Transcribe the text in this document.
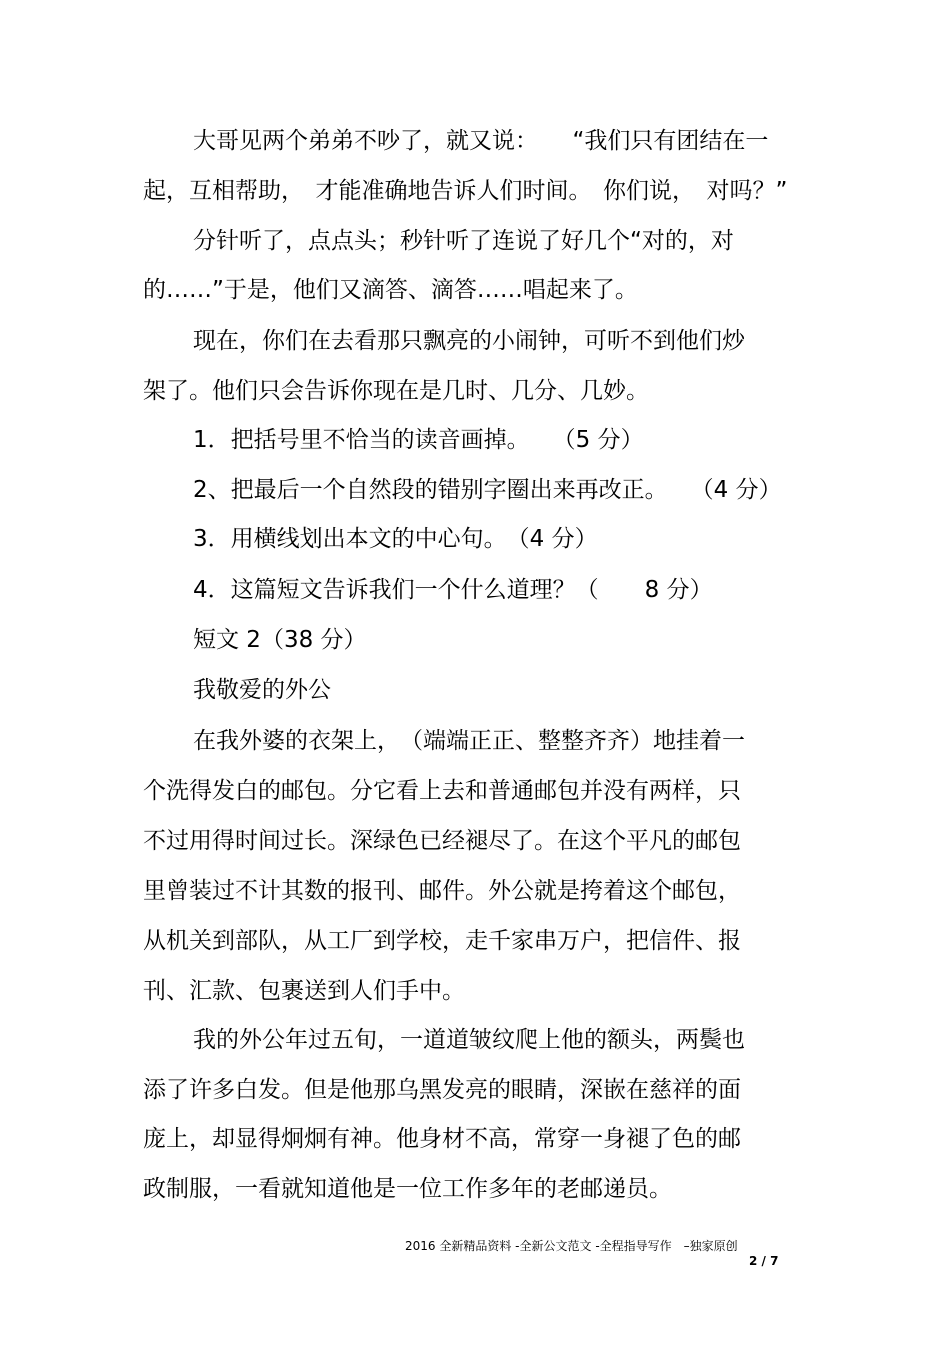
大哥见两个弟弟不吵了，就又说：　　“我们只有团结在一

起，互相帮助，　才能准确地告诉人们时间。　你们说，　对吗？”

分针听了，点点头；秒针听了连说了好几个“对的，对

的……”于是，他们又滴答、滴答……唱起来了。

现在，你们在去看那只飘亮的小闹钟，可听不到他们炒

架了。他们只会告诉你现在是几时、几分、几妙。

1．把括号里不恰当的读音画掉。　　（5 分）

2、把最后一个自然段的错别字圈出来再改正。　　（4 分）

3．用横线划出本文的中心句。　（4 分）

4．这篇短文告诉我们一个什么道理？（　　8 分）

短文 2（38 分）

我敬爱的外公

在我外婆的衣架上，　（端端正正、整整齐齐）地挂着一

个洗得发白的邮包。分它看上去和普通邮包并没有两样，只

不过用得时间过长。深绿色已经褪尽了。在这个平凡的邮包

里曾装过不计其数的报刊、邮件。外公就是挎着这个邮包，

从机关到部队，从工厂到学校，走千家串万户，把信件、报

刊、汇款、包裹送到人们手中。

我的外公年过五旬，一道道皱纹爬上他的额头，两鬓也

添了许多白发。但是他那乌黑发亮的眼睛，深嵌在慈祥的面

庞上，却显得炯炯有神。他身材不高，常穿一身褪了色的邮

政制服，一看就知道他是一位工作多年的老邮递员。

2016 全新精品资料 -全新公文范文 -全程指导写作　–独家原创
2 / 7
